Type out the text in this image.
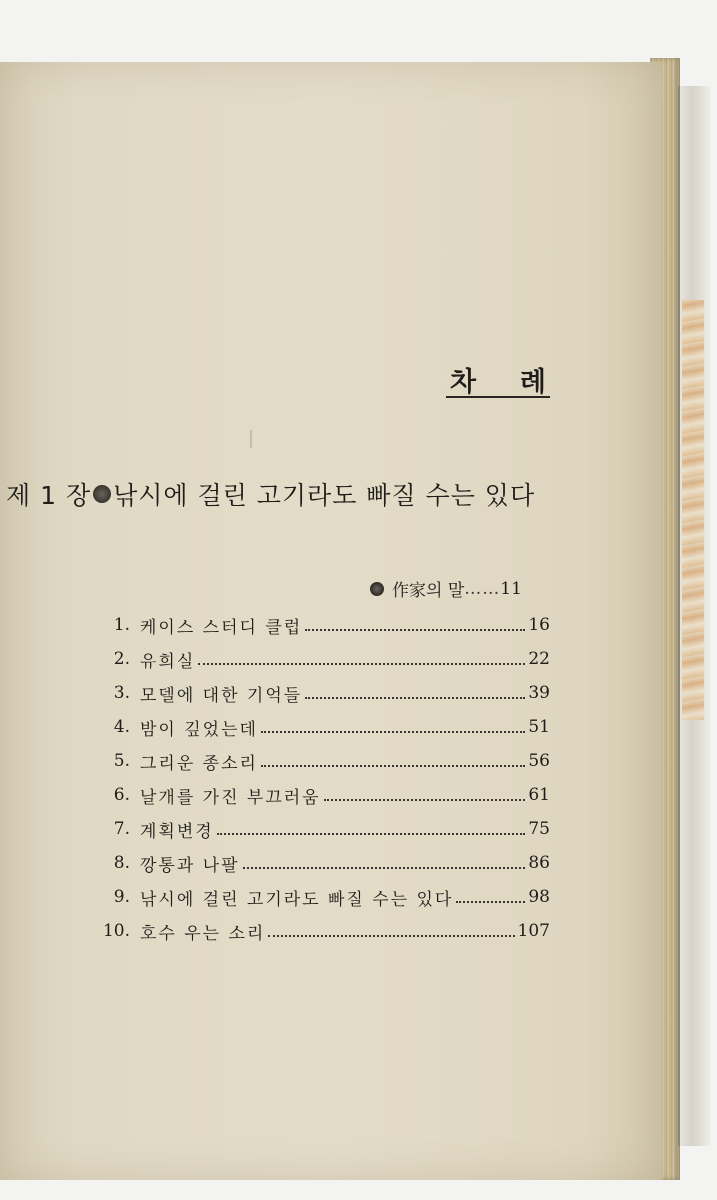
차 례
제 1 장 낚시에 걸린 고기라도 빠질 수는 있다
作家의 말 …… 11
1. 케이스 스터디 클럽	16
2. 유희실	22
3. 모델에 대한 기억들	39
4. 밤이 깊었는데	51
5. 그리운 종소리	56
6. 날개를 가진 부끄러움	61
7. 계획변경	75
8. 깡통과 나팔	86
9. 낚시에 걸린 고기라도 빠질 수는 있다	98
10. 호수 우는 소리	107
